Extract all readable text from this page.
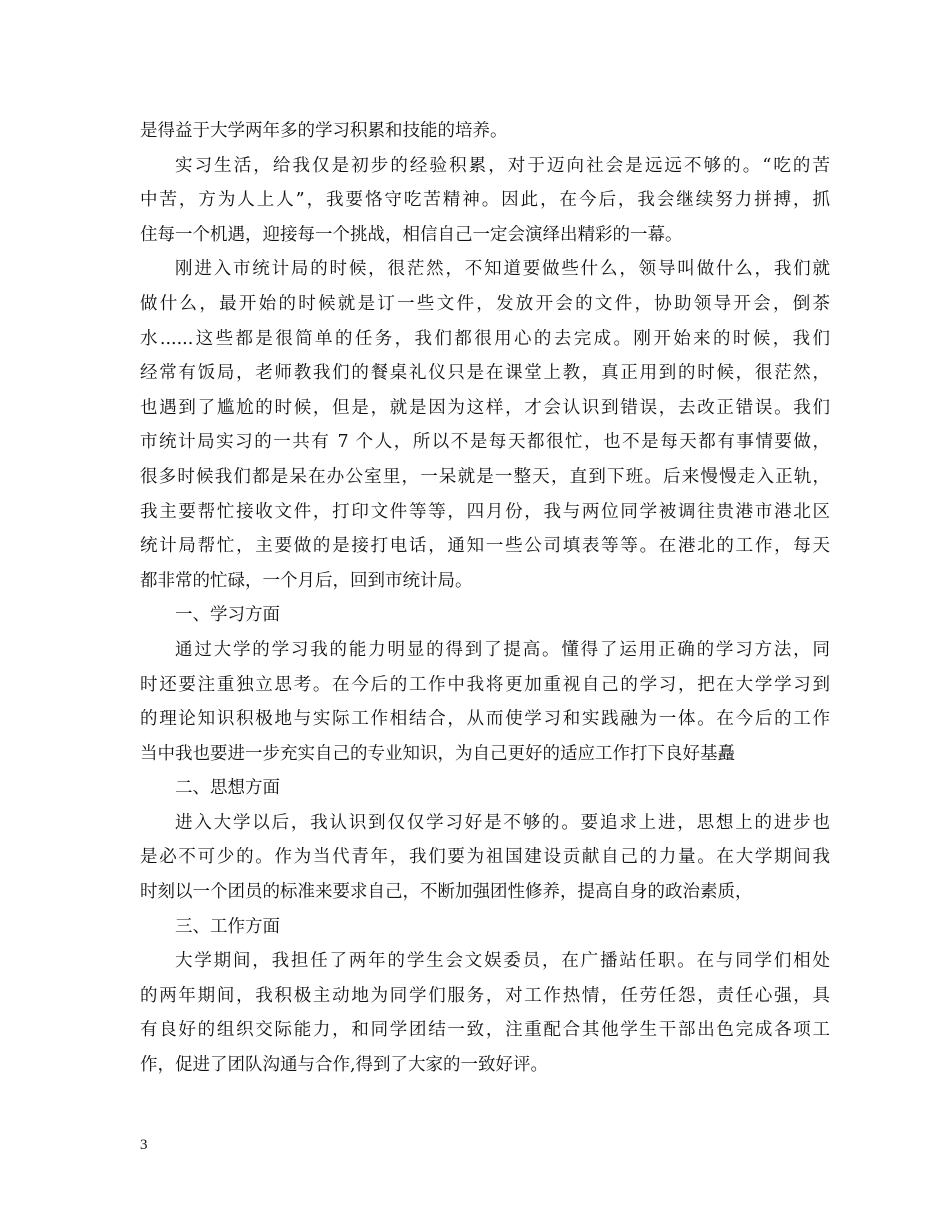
是得益于大学两年多的学习积累和技能的培养。
实习生活，给我仅是初步的经验积累，对于迈向社会是远远不够的。“吃的苦
中苦，方为人上人”，我要恪守吃苦精神。因此，在今后，我会继续努力拼搏，抓
住每一个机遇，迎接每一个挑战，相信自己一定会演绎出精彩的一幕。
刚进入市统计局的时候，很茫然，不知道要做些什么，领导叫做什么，我们就
做什么，最开始的时候就是订一些文件，发放开会的文件，协助领导开会，倒茶
水......这些都是很简单的任务，我们都很用心的去完成。刚开始来的时候，我们
经常有饭局，老师教我们的餐桌礼仪只是在课堂上教，真正用到的时候，很茫然，
也遇到了尴尬的时候，但是，就是因为这样，才会认识到错误，去改正错误。我们
市统计局实习的一共有 7 个人，所以不是每天都很忙，也不是每天都有事情要做，
很多时候我们都是呆在办公室里，一呆就是一整天，直到下班。后来慢慢走入正轨，
我主要帮忙接收文件，打印文件等等，四月份，我与两位同学被调往贵港市港北区
统计局帮忙，主要做的是接打电话，通知一些公司填表等等。在港北的工作，每天
都非常的忙碌，一个月后，回到市统计局。
一、学习方面
通过大学的学习我的能力明显的得到了提高。懂得了运用正确的学习方法，同
时还要注重独立思考。在今后的工作中我将更加重视自己的学习，把在大学学习到
的理论知识积极地与实际工作相结合，从而使学习和实践融为一体。在今后的工作
当中我也要进一步充实自己的专业知识，为自己更好的适应工作打下良好基矗
二、思想方面
进入大学以后，我认识到仅仅学习好是不够的。要追求上进，思想上的进步也
是必不可少的。作为当代青年，我们要为祖国建设贡献自己的力量。在大学期间我
时刻以一个团员的标准来要求自己，不断加强团性修养，提高自身的政治素质，
三、工作方面
大学期间，我担任了两年的学生会文娱委员，在广播站任职。在与同学们相处
的两年期间，我积极主动地为同学们服务，对工作热情，任劳任怨，责任心强，具
有良好的组织交际能力，和同学团结一致，注重配合其他学生干部出色完成各项工
作，促进了团队沟通与合作,得到了大家的一致好评。
3
